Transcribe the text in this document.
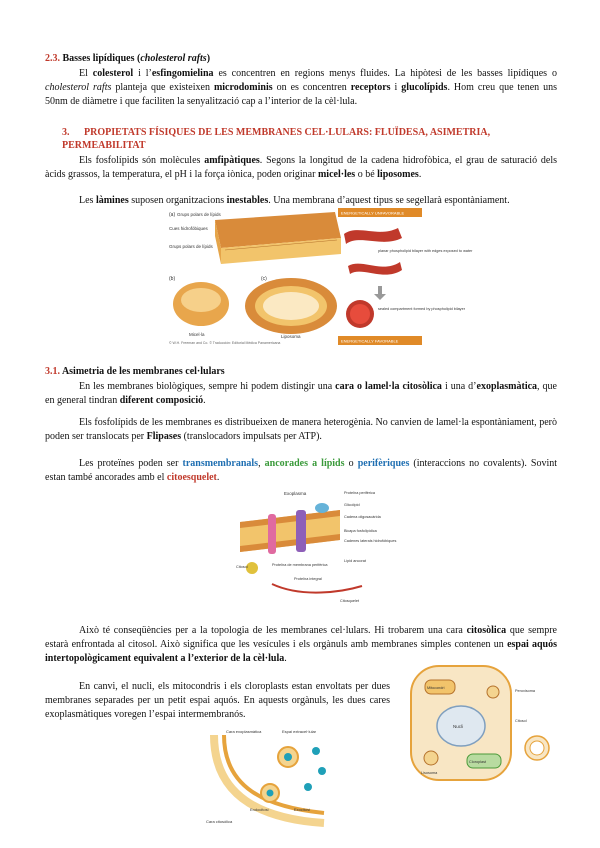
2.3. Basses lipídiques (cholesterol rafts)

El colesterol i l’esfingomielina es concentren en regions menys fluides. La hipòtesi de les basses lipídiques o cholesterol rafts planteja que existeixen microdominis on es concentren receptors i glucolípids. Hom creu que tenen uns 50nm de diàmetre i que faciliten la senyalització cap a l’interior de la cèl·lula.

3. PROPIETATS FÍSIQUES DE LES MEMBRANES CEL·LULARS: FLUÏDESA, ASIMETRIA, PERMEABILITAT

Els fosfolípids són molècules amfipàtiques. Segons la longitud de la cadena hidrofòbica, el grau de saturació dels àcids grassos, la temperatura, el pH i la força iònica, poden originar micel·les o bé liposomes.

Les làmines suposen organitzacions inestables. Una membrana d’aquest tipus se segellarà espontàniament.

(a) Grups polars de lípids
Cues hidrofòbiques
Grups polars de lípids
(b)	(c)
Micel·la	Liposoma
© W.H. Freeman and Co. © Traducción: Editorial Médica Panamericana
ENERGETICALLY UNFAVORABLE
planar phospholipid bilayer with edges exposed to water
sealed compartment formed by phospholipid bilayer
ENERGETICALLY FAVORABLE
3.1. Asimetria de les membranes cel·lulars

En les membranes biològiques, sempre hi podem distingir una cara o lamel·la citosòlica i una d’exoplasmàtica, que en general tindran diferent composició.

Els fosfolípids de les membranes es distribueixen de manera heterogènia. No canvien de lamel·la espontàniament, però poden ser translocats per Flipases (translocadors impulsats per ATP).

Les proteïnes poden ser transmembranals, ancorades a lípids o perifèriques (interaccions no covalents). Sovint estan també ancorades amb el citoesquelet.

Exoplasma	Proteïna perifèrica
Glicolípid
Cadena oligosacàrida
Bicapa fosfolipídica
Cadenes laterals hidrofòbiques
Citosol	Proteïna de membrana perifèrica
Proteïna integral
Lípid ancorat
Citosquelet

Això té conseqüències per a la topologia de les membranes cel·lulars. Hi trobarem una cara citosòlica que sempre estarà enfrontada al citosol. Això significa que les vesícules i els orgànuls amb membranes simples contenen un espai aquós intertopològicament equivalent a l’exterior de la cèl·lula.

En canvi, el nucli, els mitocondris i els cloroplasts estan envoltats per dues membranes separades per un petit espai aquós. En aquests orgànuls, les dues cares exoplasmàtiques voregen l’espai intermembranós.

Cara exoplasmàtica	Espai extracel·lular
Endocitosi	Exocitosi
Cara citosòlica
Nucli
Mitocondri
Cloroplast
Lisosoma
Peroxisoma
Citosol
